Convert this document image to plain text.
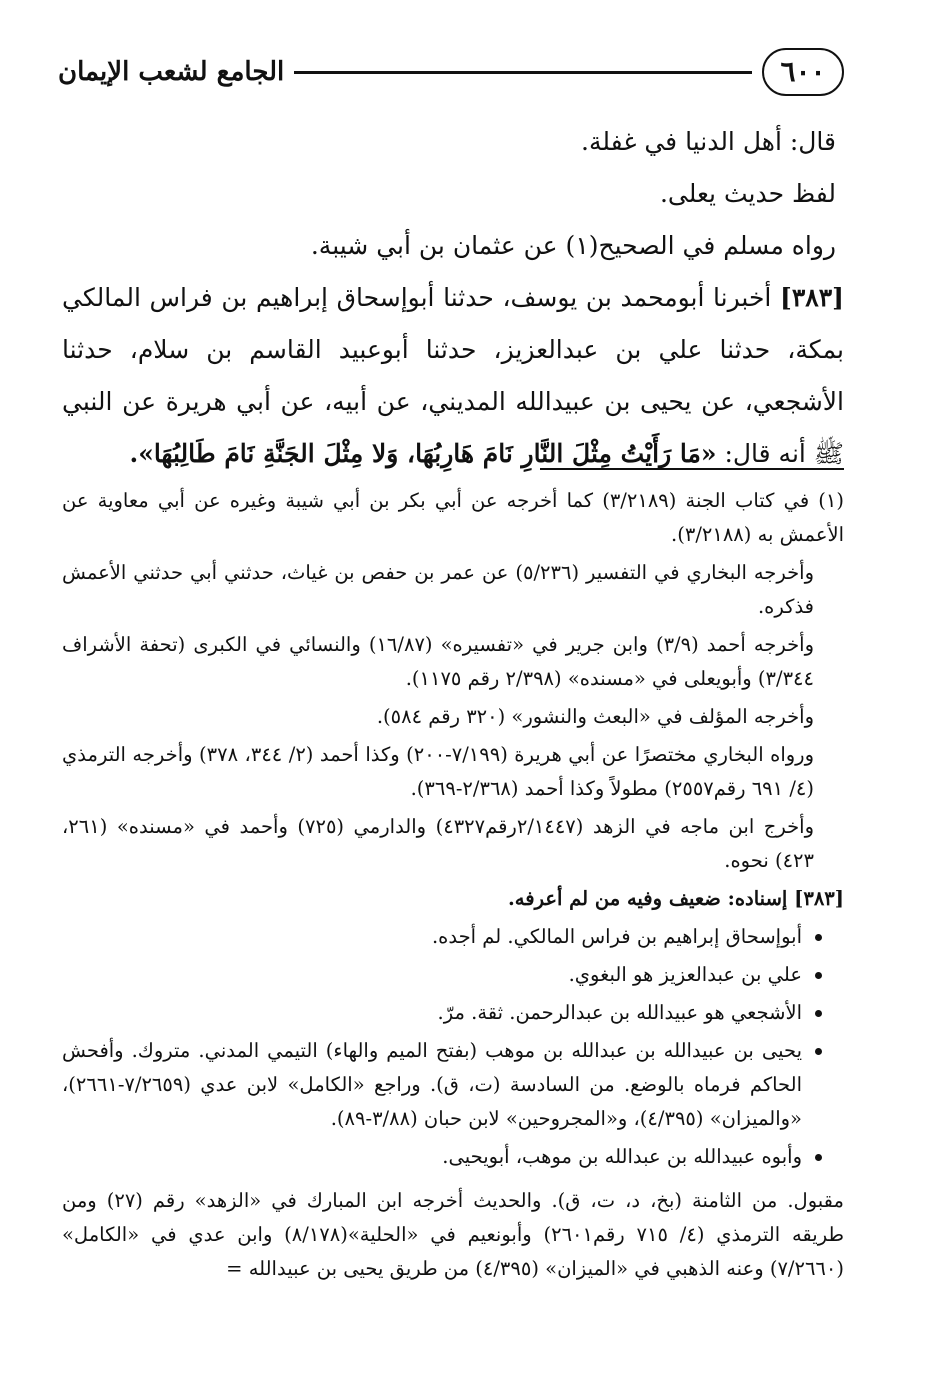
٦٠٠
الجامع لشعب الإيمان

قال: أهل الدنيا في غفلة.

لفظ حديث يعلى.

رواه مسلم في الصحيح(١) عن عثمان بن أبي شيبة.

[٣٨٣] أخبرنا أبومحمد بن يوسف، حدثنا أبوإسحاق إبراهيم بن فراس المالكي بمكة، حدثنا علي بن عبدالعزيز، حدثنا أبوعبيد القاسم بن سلام، حدثنا الأشجعي، عن يحيى بن عبيدالله المديني، عن أبيه، عن أبي هريرة عن النبي ﷺ أنه قال: «مَا رَأَيْتُ مِثْلَ النَّارِ نَامَ هَارِبُهَا، وَلا مِثْلَ الجَنَّةِ نَامَ طَالِبُهَا».

(١) في كتاب الجنة (٣/٢١٨٩) كما أخرجه عن أبي بكر بن أبي شيبة وغيره عن أبي معاوية عن الأعمش به (٣/٢١٨٨).

وأخرجه البخاري في التفسير (٥/٢٣٦) عن عمر بن حفص بن غياث، حدثني أبي حدثني الأعمش فذكره.

وأخرجه أحمد (٣/٩) وابن جرير في «تفسيره» (١٦/٨٧) والنسائي في الكبرى (تحفة الأشراف ٣/٣٤٤) وأبويعلى في «مسنده» (٢/٣٩٨ رقم ١١٧٥).

وأخرجه المؤلف في «البعث والنشور» (٣٢٠ رقم ٥٨٤).

ورواه البخاري مختصرًا عن أبي هريرة (٧/١٩٩-٢٠٠) وكذا أحمد (٢/ ٣٤٤، ٣٧٨) وأخرجه الترمذي (٤/ ٦٩١ رقم٢٥٥٧) مطولاً وكذا أحمد (٢/٣٦٨-٣٦٩).

وأخرج ابن ماجه في الزهد (٢/١٤٤٧رقم٤٣٢٧) والدارمي (٧٢٥) وأحمد في «مسنده» (٢٦١، ٤٢٣) نحوه.

[٣٨٣] إسناده: ضعيف وفيه من لم أعرفه.

أبوإسحاق إبراهيم بن فراس المالكي. لم أجده.

علي بن عبدالعزيز هو البغوي.

الأشجعي هو عبيدالله بن عبدالرحمن. ثقة. مرّ.

يحيى بن عبيدالله بن عبدالله بن موهب (بفتح الميم والهاء) التيمي المدني. متروك. وأفحش الحاكم فرماه بالوضع. من السادسة (ت، ق). وراجع «الكامل» لابن عدي (٧/٢٦٥٩-٢٦٦١)، «والميزان» (٤/٣٩٥)، و«المجروحين» لابن حبان (٣/٨٨-٨٩).

وأبوه عبيدالله بن عبدالله بن موهب، أبويحيى.

مقبول. من الثامنة (بخ، د، ت، ق). والحديث أخرجه ابن المبارك في «الزهد» رقم (٢٧) ومن طريقه الترمذي (٤/ ٧١٥ رقم٢٦٠١) وأبونعيم في «الحلية»(٨/١٧٨) وابن عدي في «الكامل» (٧/٢٦٦٠) وعنه الذهبي في «الميزان» (٤/٣٩٥) من طريق يحيى بن عبيدالله =
